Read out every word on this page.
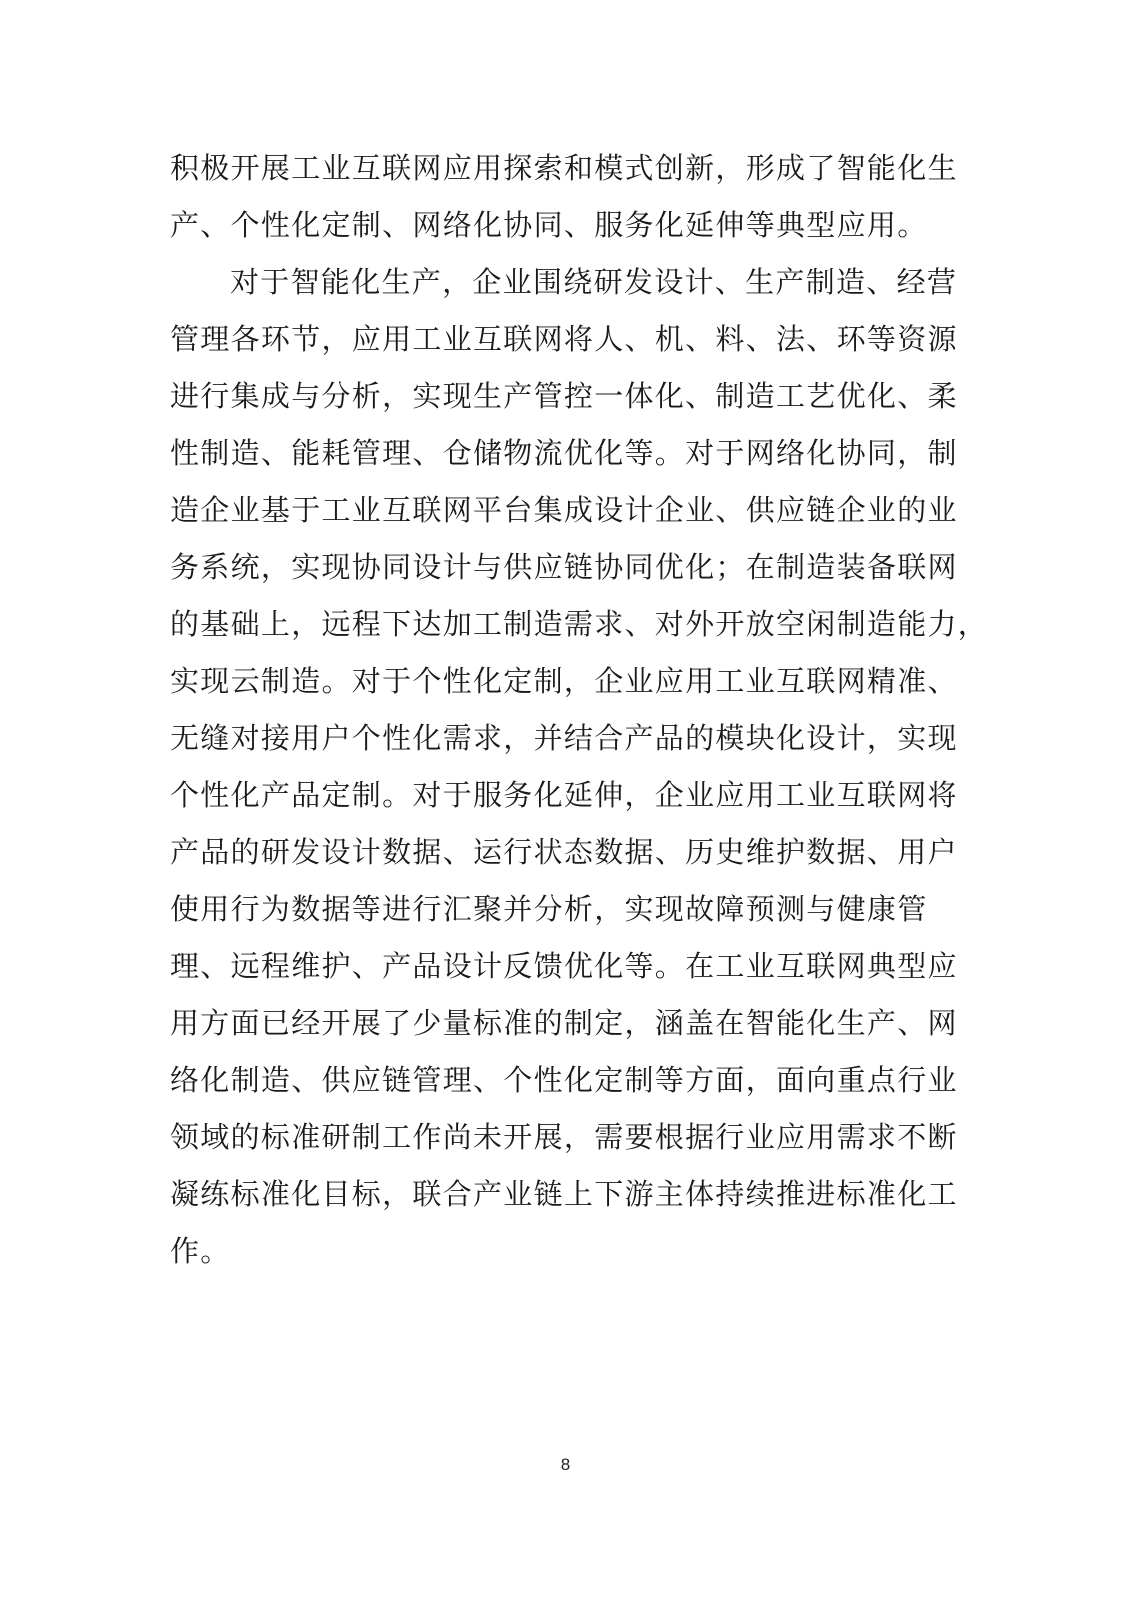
积极开展工业互联网应用探索和模式创新，形成了智能化生
产、个性化定制、网络化协同、服务化延伸等典型应用。
对于智能化生产，企业围绕研发设计、生产制造、经营
管理各环节，应用工业互联网将人、机、料、法、环等资源
进行集成与分析，实现生产管控一体化、制造工艺优化、柔
性制造、能耗管理、仓储物流优化等。对于网络化协同，制
造企业基于工业互联网平台集成设计企业、供应链企业的业
务系统，实现协同设计与供应链协同优化；在制造装备联网
的基础上，远程下达加工制造需求、对外开放空闲制造能力，
实现云制造。对于个性化定制，企业应用工业互联网精准、
无缝对接用户个性化需求，并结合产品的模块化设计，实现
个性化产品定制。对于服务化延伸，企业应用工业互联网将
产品的研发设计数据、运行状态数据、历史维护数据、用户
使用行为数据等进行汇聚并分析，实现故障预测与健康管
理、远程维护、产品设计反馈优化等。在工业互联网典型应
用方面已经开展了少量标准的制定，涵盖在智能化生产、网
络化制造、供应链管理、个性化定制等方面，面向重点行业
领域的标准研制工作尚未开展，需要根据行业应用需求不断
凝练标准化目标，联合产业链上下游主体持续推进标准化工
作。
8
